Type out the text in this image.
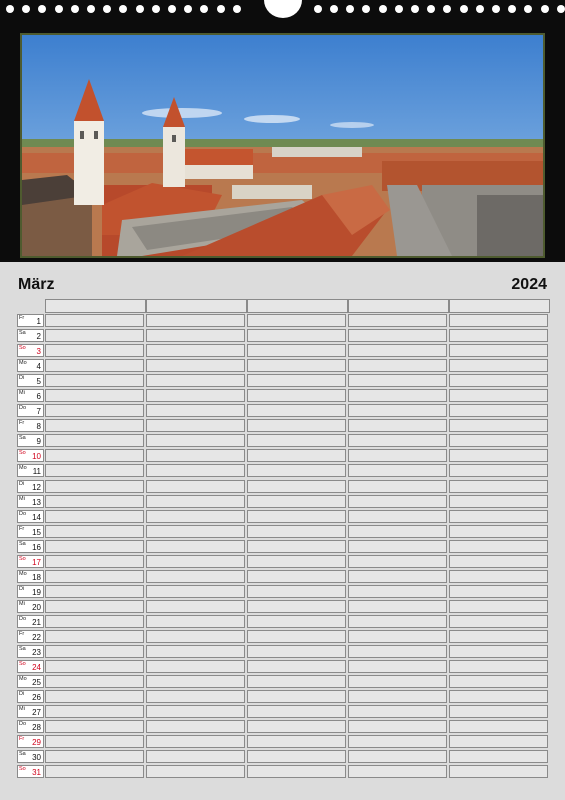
März	2024
Fr 1
Sa 2
So 3
Mo 4
Di 5
Mi 6
Do 7
Fr 8
Sa 9
So 10
Mo 11
Di 12
Mi 13
Do 14
Fr 15
Sa 16
So 17
Mo 18
Di 19
Mi 20
Do 21
Fr 22
Sa 23
So 24
Mo 25
Di 26
Mi 27
Do 28
Fr 29
Sa 30
So 31
